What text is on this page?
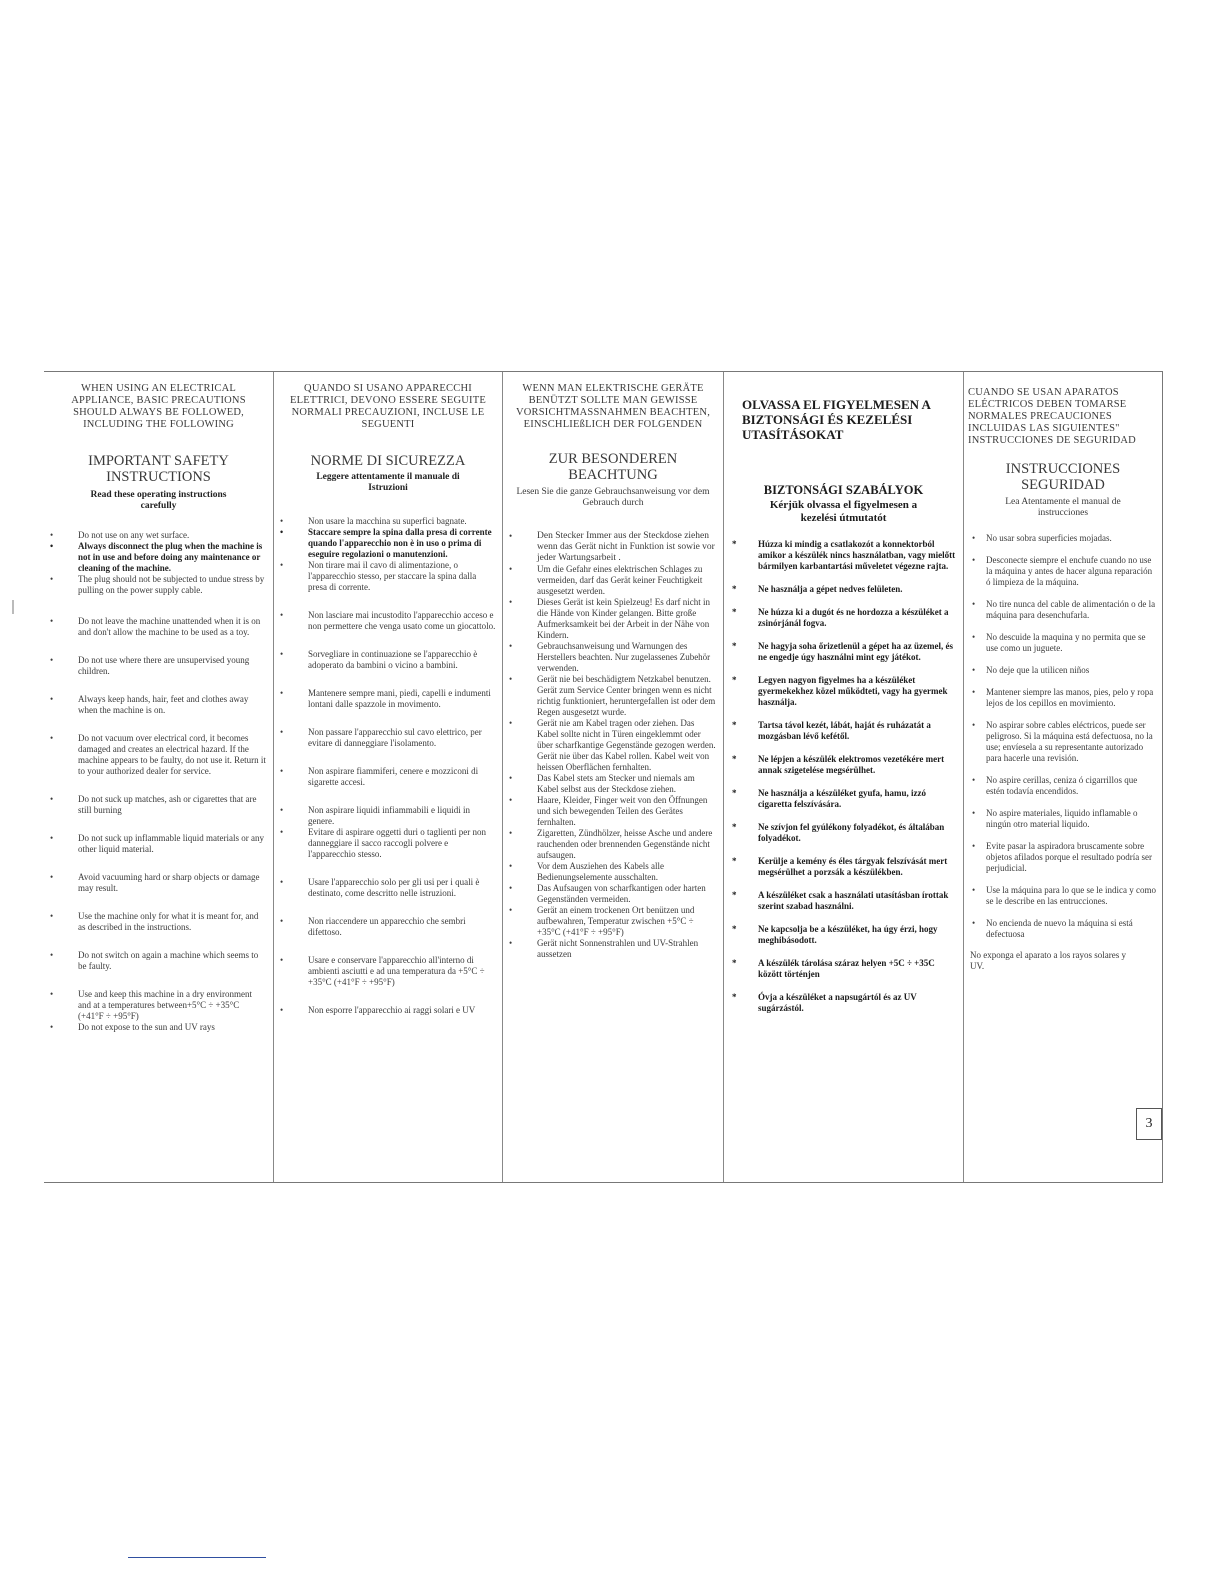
WHEN USING AN ELECTRICAL APPLIANCE, BASIC PRECAUTIONS SHOULD ALWAYS BE FOLLOWED, INCLUDING THE FOLLOWING
IMPORTANT SAFETY INSTRUCTIONS
Read these operating instructions carefully
• Do not use on any wet surface.
• Always disconnect the plug when the machine is not in use and before doing any maintenance or cleaning of the machine.
• The plug should not be subjected to undue stress by pulling on the power supply cable.
• Do not leave the machine unattended when it is on and don't allow the machine to be used as a toy.
• Do not use where there are unsupervised young children.
• Always keep hands, hair, feet and clothes away when the machine is on.
• Do not vacuum over electrical cord, it becomes damaged and creates an electrical hazard. If the machine appears to be faulty, do not use it. Return it to your authorized dealer for service.
• Do not suck up matches, ash or cigarettes that are still burning
• Do not suck up inflammable liquid materials or any other liquid material.
• Avoid vacuuming hard or sharp objects or damage may result.
• Use the machine only for what it is meant for, and as described in the instructions.
• Do not switch on again a machine which seems to be faulty.
• Use and keep this machine in a dry environment and at a temperatures between+5°C ÷ +35°C (+41°F ÷ +95°F)
• Do not expose to the sun and UV rays
QUANDO SI USANO APPARECCHI ELETTRICI, DEVONO ESSERE SEGUITE NORMALI PRECAUZIONI, INCLUSE LE SEGUENTI
NORME DI SICUREZZA
Leggere attentamente il manuale di Istruzioni
• Non usare la macchina su superfici bagnate.
• Staccare sempre la spina dalla presa di corrente quando l'apparecchio non è in uso o prima di eseguire regolazioni o manutenzioni.
• Non tirare mai il cavo di alimentazione, o l'apparecchio stesso, per staccare la spina dalla presa di corrente.
• Non lasciare mai incustodito l'apparecchio acceso e non permettere che venga usato come un giocattolo.
• Sorvegliare in continuazione se l'apparecchio è adoperato da bambini o vicino a bambini.
• Mantenere sempre mani, piedi, capelli e indumenti lontani dalle spazzole in movimento.
• Non passare l'apparecchio sul cavo elettrico, per evitare di danneggiare l'isolamento.
• Non aspirare fiammiferi, cenere e mozziconi di sigarette accesi.
• Non aspirare liquidi infiammabili e liquidi in genere.
• Evitare di aspirare oggetti duri o taglienti per non danneggiare il sacco raccogli polvere e l'apparecchio stesso.
• Usare l'apparecchio solo per gli usi per i quali è destinato, come descritto nelle istruzioni.
• Non riaccendere un apparecchio che sembri difettoso.
• Usare e conservare l'apparecchio all'interno di ambienti asciutti e ad una temperatura da +5°C ÷ +35°C (+41°F ÷ +95°F)
• Non esporre l'apparecchio ai raggi solari e UV
WENN MAN ELEKTRISCHE GERÄTE BENÜTZT SOLLTE MAN GEWISSE VORSICHTMASSNAHMEN BEACHTEN, EINSCHLIEßLICH DER FOLGENDEN
ZUR BESONDEREN BEACHTUNG
Lesen Sie die ganze Gebrauchsanweisung vor dem Gebrauch durch
• Den Stecker Immer aus der Steckdose ziehen wenn das Gerät nicht in Funktion ist sowie vor jeder Wartungsarbeit .
• Um die Gefahr eines elektrischen Schlages zu vermeiden, darf das Gerät keiner Feuchtigkeit ausgesetzt werden.
• Dieses Gerät ist kein Spielzeug! Es darf nicht in die Hände von Kinder gelangen. Bitte große Aufmerksamkeit bei der Arbeit in der Nähe von Kindern.
• Gebrauchsanweisung und Warnungen des Herstellers beachten. Nur zugelassenes Zubehör verwenden.
• Gerät nie bei beschädigtem Netzkabel benutzen. Gerät zum Service Center bringen wenn es nicht richtig funktioniert, heruntergefallen ist oder dem Regen ausgesetzt wurde.
• Gerät nie am Kabel tragen oder ziehen. Das Kabel sollte nicht in Türen eingeklemmt oder über scharfkantige Gegenstände gezogen werden. Gerät nie über das Kabel rollen. Kabel weit von heissen Oberflächen fernhalten.
• Das Kabel stets am Stecker und niemals am Kabel selbst aus der Steckdose ziehen.
• Haare, Kleider, Finger weit von den Öffnungen und sich bewegenden Teilen des Gerätes fernhalten.
• Zigaretten, Zündhölzer, heisse Asche und andere rauchenden oder brennenden Gegenstände nicht aufsaugen.
• Vor dem Ausziehen des Kabels alle Bedienungselemente ausschalten.
• Das Aufsaugen von scharfkantigen oder harten Gegenständen vermeiden.
• Gerät an einem trockenen Ort benützen und aufbewahren, Temperatur zwischen +5°C ÷ +35°C (+41°F ÷ +95°F)
• Gerät nicht Sonnenstrahlen und UV-Strahlen aussetzen
OLVASSA EL FIGYELMESEN A BIZTONSÁGI ÉS KEZELÉSI UTASÍTÁSOKAT
BIZTONSÁGI SZABÁLYOK
Kérjük olvassa el figyelmesen a kezelési útmutatót
* Húzza ki mindig a csatlakozót a konnektorból amikor a készülék nincs használatban, vagy mielőtt bármilyen karbantartási műveletet végezne rajta.
* Ne használja a gépet nedves felületen.
* Ne húzza ki a dugót és ne hordozza a készüléket a zsinórjánál fogva.
* Ne hagyja soha őrizetlenül a gépet ha az üzemel, és ne engedje úgy használni mint egy játékot.
* Legyen nagyon figyelmes ha a készüléket gyermekekhez közel működteti, vagy ha gyermek használja.
* Tartsa távol kezét, lábát, haját és ruházatát a mozgásban lévő kefétől.
* Ne lépjen a készülék elektromos vezetékére mert annak szigetelése megsérülhet.
* Ne használja a készüléket gyufa, hamu, izzó cigaretta felszívására.
* Ne szívjon fel gyúlékony folyadékot, és általában folyadékot.
* Kerülje a kemény és éles tárgyak felszívását mert megsérülhet a porzsák a készülékben.
* A készüléket csak a használati utasításban írottak szerint szabad használni.
* Ne kapcsolja be a készüléket, ha úgy érzi, hogy meghibásodott.
* A készülék tárolása száraz helyen +5C ÷ +35C között történjen
* Óvja a készüléket a napsugártól és az UV sugárzástól.
CUANDO SE USAN APARATOS ELÉCTRICOS DEBEN TOMARSE NORMALES PRECAUCIONES INCLUIDAS LAS SIGUIENTES" INSTRUCCIONES DE SEGURIDAD
INSTRUCCIONES SEGURIDAD
Lea Atentamente el manual de instrucciones
• No usar sobra superficies mojadas.
• Desconecte siempre el enchufe cuando no use la máquina y antes de hacer alguna reparación ó limpieza de la máquina.
• No tire nunca del cable de alimentación o de la máquina para desenchufarla.
• No descuide la maquina y no permita que se use como un juguete.
• No deje que la utilicen niños
• Mantener siempre las manos, pies, pelo y ropa lejos de los cepillos en movimiento.
• No aspirar sobre cables eléctricos, puede ser peligroso. Si la máquina está defectuosa, no la use; envíesela a su representante autorizado para hacerle una revisión.
• No aspire cerillas, ceniza ó cigarrillos que estén todavía encendidos.
• No aspire materiales, liquido inflamable o ningún otro material liquido.
• Evite pasar la aspiradora bruscamente sobre objetos afilados porque el resultado podría ser perjudicial.
• Use la máquina para lo que se le indica y como se le describe en las entrucciones.
• No encienda de nuevo la máquina si está defectuosa
No exponga el aparato a los rayos solares y UV.
3
